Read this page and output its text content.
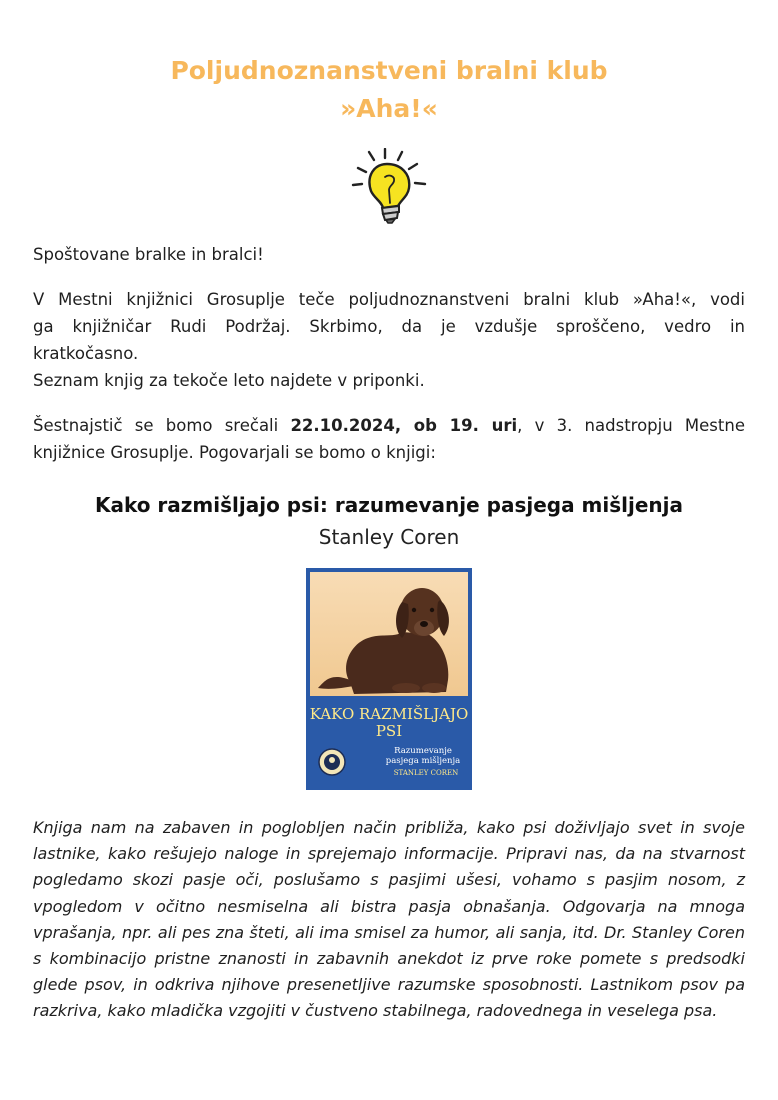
Poljudnoznanstveni bralni klub
»Aha!«

Spoštovane bralke in bralci!

V Mestni knjižnici Grosuplje teče poljudnoznanstveni bralni klub »Aha!«, vodi
ga knjižničar Rudi Podržaj. Skrbimo, da je vzdušje sproščeno, vedro in
kratkočasno.
Seznam knjig za tekoče leto najdete v priponki.

Šestnajstič se bomo srečali 22.10.2024, ob 19. uri, v 3. nadstropju Mestne
knjižnice Grosuplje. Pogovarjali se bomo o knjigi:

Kako razmišljajo psi: razumevanje pasjega mišljenja
Stanley Coren
KAKO RAZMIŠLJAJO
PSI
Razumevanje
pasjega mišljenja
STANLEY COREN

Knjiga nam na zabaven in poglobljen način približa, kako psi doživljajo svet in svoje lastnike, kako rešujejo naloge in sprejemajo informacije. Pripravi nas, da na stvarnost pogledamo skozi pasje oči, poslušamo s pasjimi ušesi, vohamo s pasjim nosom, z vpogledom v očitno nesmiselna ali bistra pasja obnašanja. Odgovarja na mnoga vprašanja, npr. ali pes zna šteti, ali ima smisel za humor, ali sanja, itd. Dr. Stanley Coren s kombinacijo pristne znanosti in zabavnih anekdot iz prve roke pomete s predsodki glede psov, in odkriva njihove presenetljive razumske sposobnosti. Lastnikom psov pa razkriva, kako mladička vzgojiti v čustveno stabilnega, radovednega in veselega psa.
